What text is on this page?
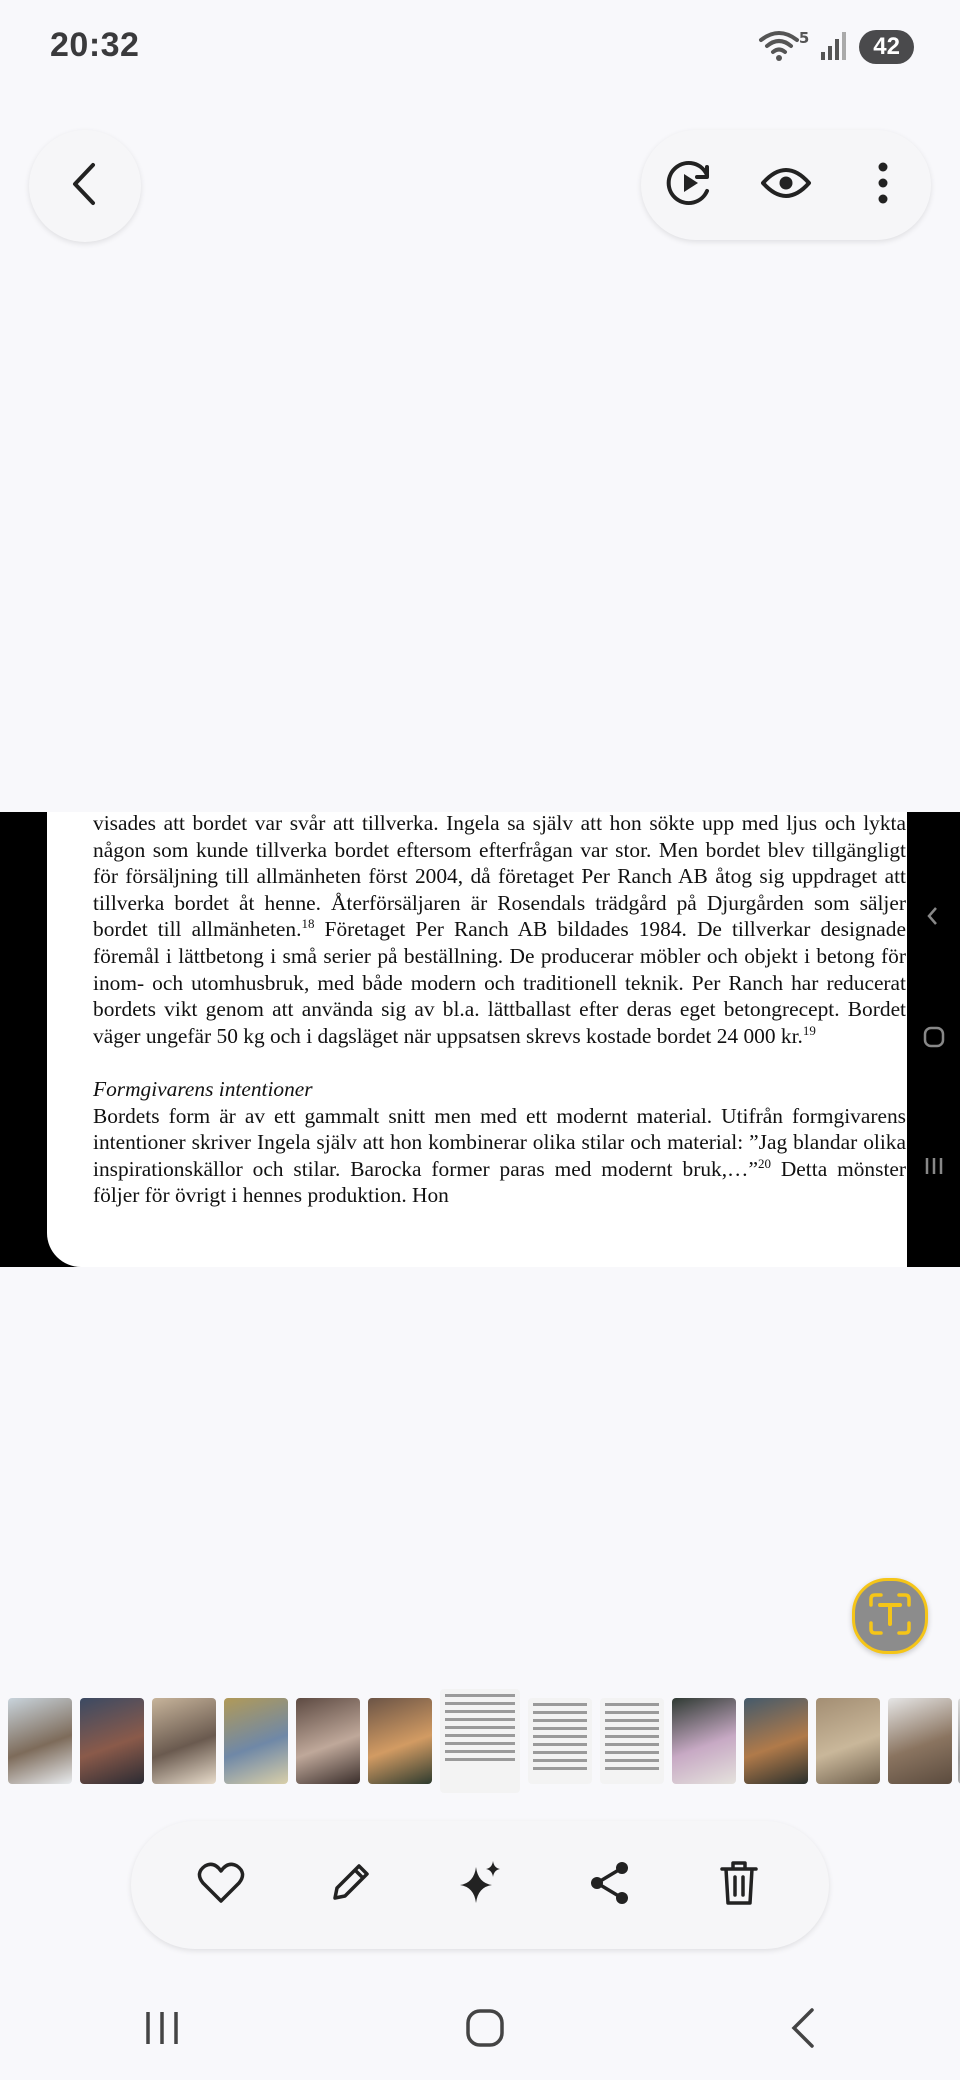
20:32	5	42

visades att bordet var svår att tillverka. Ingela sa själv att hon sökte upp med ljus och lykta någon som kunde tillverka bordet eftersom efterfrågan var stor. Men bordet blev tillgängligt för försäljning till allmänheten först 2004, då företaget Per Ranch AB åtog sig uppdraget att tillverka bordet åt henne. Återförsäljaren är Rosendals trädgård på Djurgården som säljer bordet till allmänheten.$^{18}$ Företaget Per Ranch AB bildades 1984. De tillverkar designade föremål i lättbetong i små serier på beställning. De producerar möbler och objekt i betong för inom- och utomhusbruk, med både modern och traditionell teknik. Per Ranch har reducerat bordets vikt genom att använda sig av bl.a. lättballast efter deras eget betongrecept. Bordet väger ungefär 50 kg och i dagsläget när uppsatsen skrevs kostade bordet 24 000 kr.$^{19}$

Formgivarens intentioner

Bordets form är av ett gammalt snitt men med ett modernt material. Utifrån formgivarens intentioner skriver Ingela själv att hon kombinerar olika stilar och material: ”Jag blandar olika inspirationskällor och stilar. Barocka former paras med modernt bruk,…”$^{20}$ Detta mönster följer för övrigt i hennes produktion. Hon
